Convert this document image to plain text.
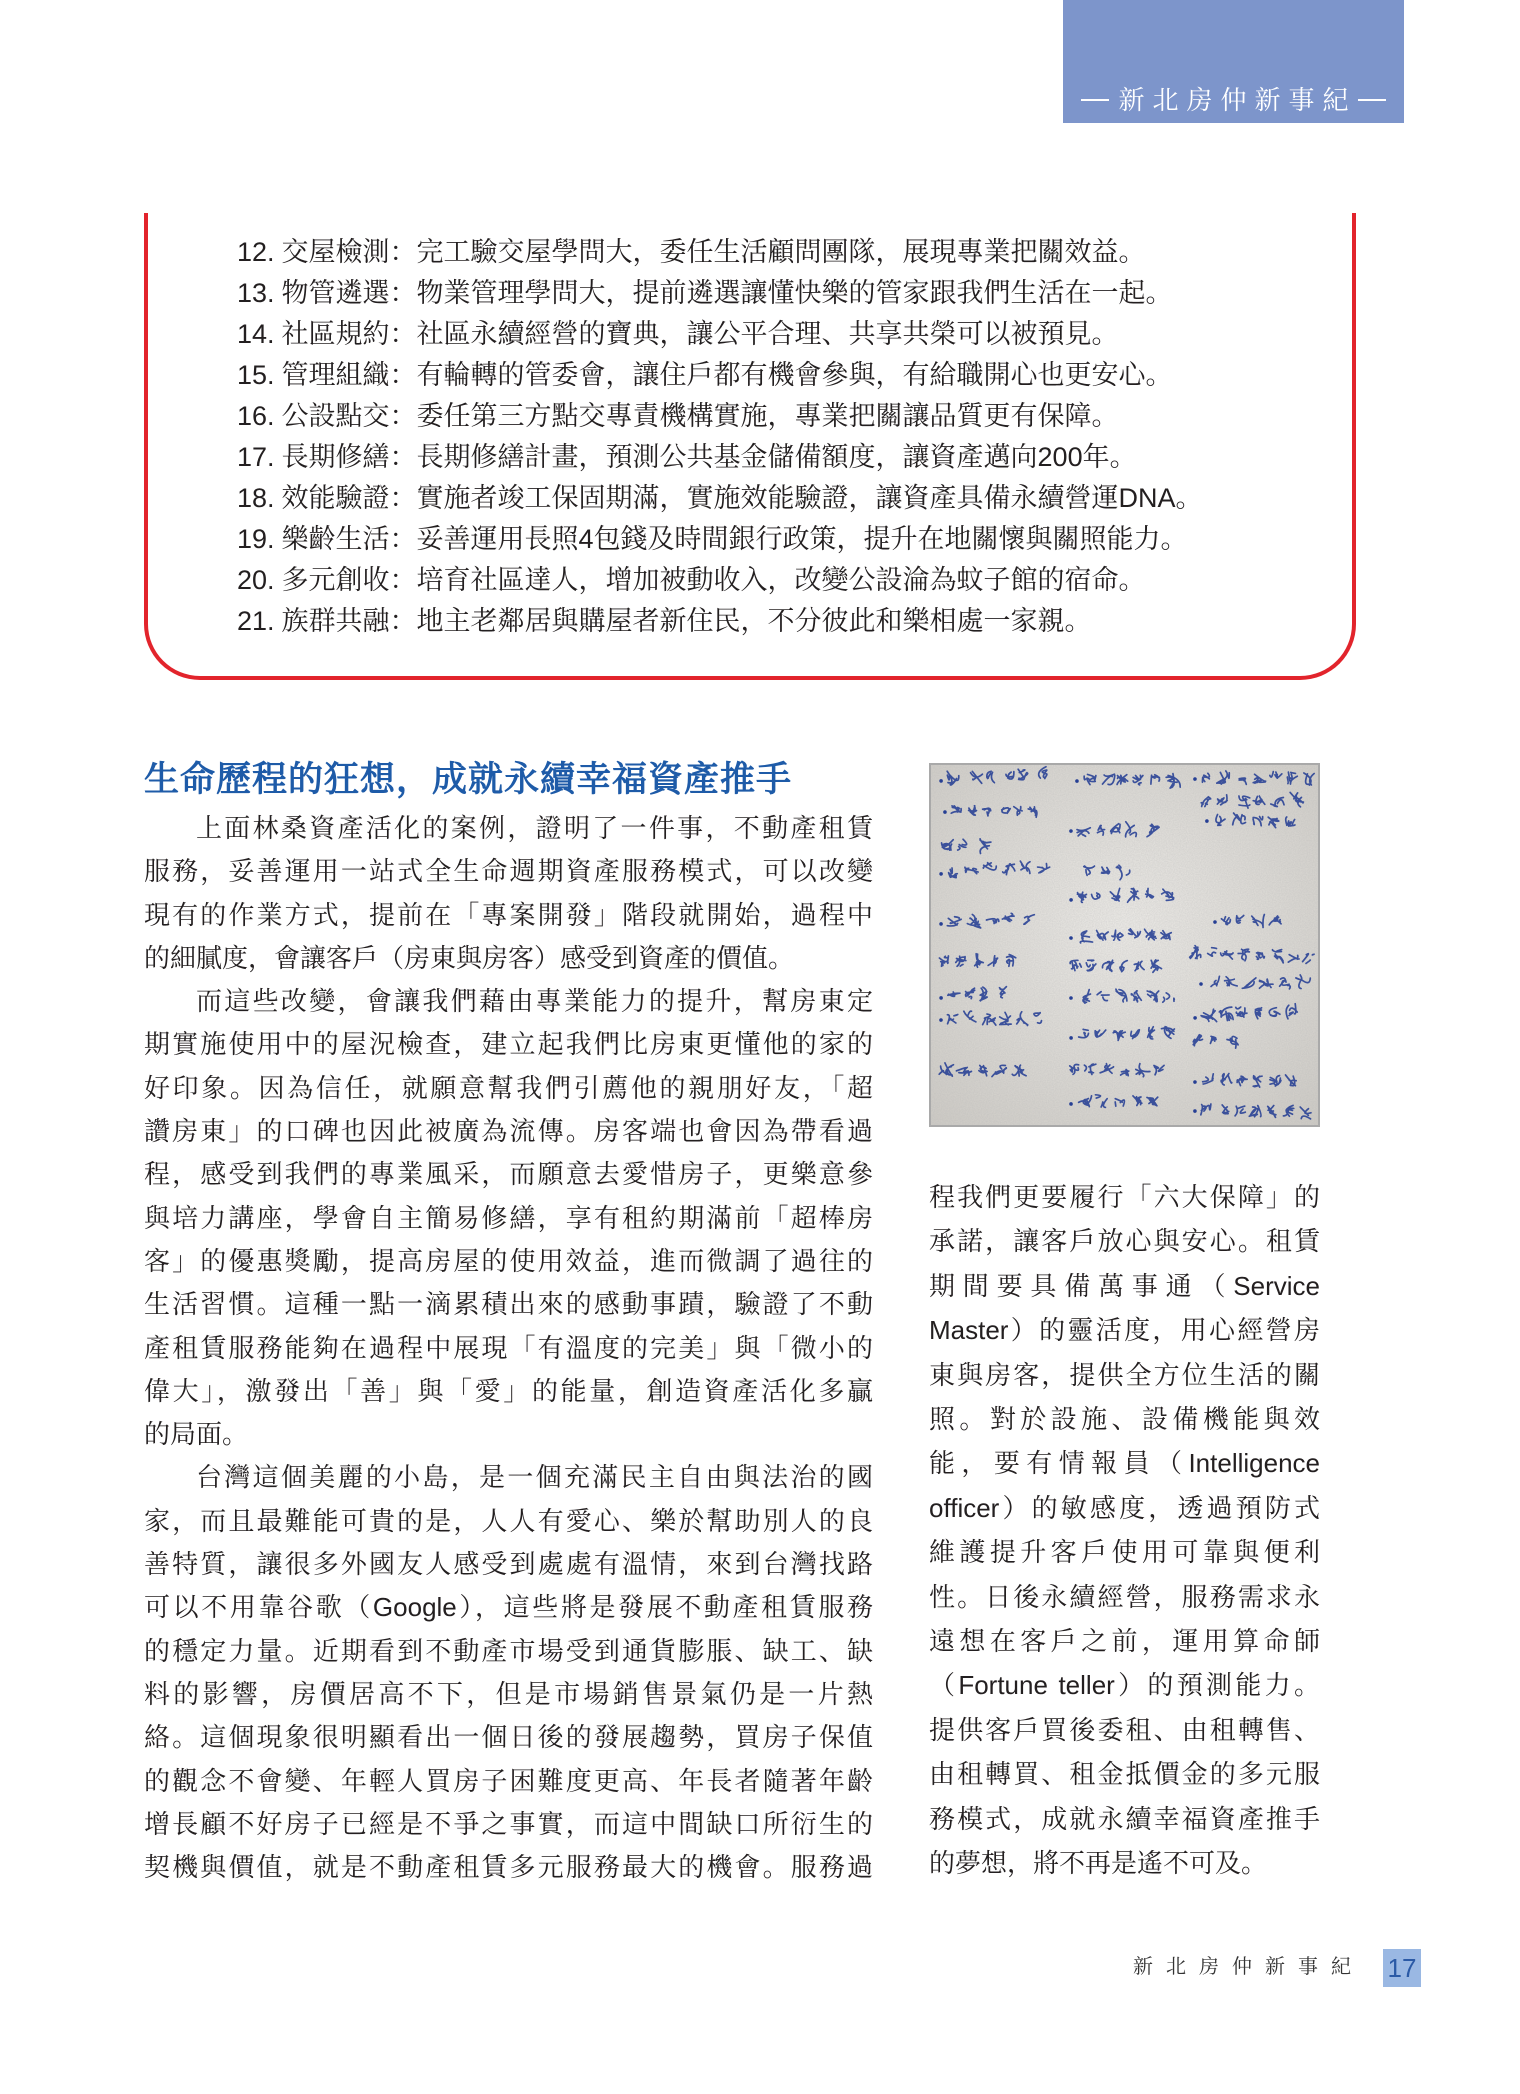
新北房仲新事紀
12. 交屋檢測：完工驗交屋學問大，委任生活顧問團隊，展現專業把關效益。
13. 物管遴選：物業管理學問大，提前遴選讓懂快樂的管家跟我們生活在一起。
14. 社區規約：社區永續經營的寶典，讓公平合理、共享共榮可以被預見。
15. 管理組織：有輪轉的管委會，讓住戶都有機會參與，有給職開心也更安心。
16. 公設點交：委任第三方點交專責機構實施，專業把關讓品質更有保障。
17. 長期修繕：長期修繕計畫，預測公共基金儲備額度，讓資產邁向200年。
18. 效能驗證：實施者竣工保固期滿，實施效能驗證，讓資產具備永續營運DNA。
19. 樂齡生活：妥善運用長照4包錢及時間銀行政策，提升在地關懷與關照能力。
20. 多元創收：培育社區達人，增加被動收入，改變公設淪為蚊子館的宿命。
21. 族群共融：地主老鄰居與購屋者新住民，不分彼此和樂相處一家親。
生命歷程的狂想，成就永續幸福資產推手
上面林桑資產活化的案例，證明了一件事，不動產租賃
服務，妥善運用一站式全生命週期資產服務模式，可以改變
現有的作業方式，提前在「專案開發」階段就開始，過程中
的細膩度，會讓客戶（房東與房客）感受到資產的價值。
而這些改變，會讓我們藉由專業能力的提升，幫房東定
期實施使用中的屋況檢查，建立起我們比房東更懂他的家的
好印象。因為信任，就願意幫我們引薦他的親朋好友，「超
讚房東」的口碑也因此被廣為流傳。房客端也會因為帶看過
程，感受到我們的專業風采，而願意去愛惜房子，更樂意參
與培力講座，學會自主簡易修繕，享有租約期滿前「超棒房
客」的優惠獎勵，提高房屋的使用效益，進而微調了過往的
生活習慣。這種一點一滴累積出來的感動事蹟，驗證了不動
產租賃服務能夠在過程中展現「有溫度的完美」與「微小的
偉大」，激發出「善」與「愛」的能量，創造資產活化多贏
的局面。
台灣這個美麗的小島，是一個充滿民主自由與法治的國
家，而且最難能可貴的是，人人有愛心、樂於幫助別人的良
善特質，讓很多外國友人感受到處處有溫情，來到台灣找路
可以不用靠谷歌（Google），這些將是發展不動產租賃服務
的穩定力量。近期看到不動產市場受到通貨膨脹、缺工、缺
料的影響，房價居高不下，但是市場銷售景氣仍是一片熱
絡。這個現象很明顯看出一個日後的發展趨勢，買房子保值
的觀念不會變、年輕人買房子困難度更高、年長者隨著年齡
增長顧不好房子已經是不爭之事實，而這中間缺口所衍生的
契機與價值，就是不動產租賃多元服務最大的機會。服務過
程我們更要履行「六大保障」的
承諾，讓客戶放心與安心。租賃
期間要具備萬事通（Service
Master）的靈活度，用心經營房
東與房客，提供全方位生活的關
照。對於設施、設備機能與效
能，要有情報員（Intelligence
officer）的敏感度，透過預防式
維護提升客戶使用可靠與便利
性。日後永續經營，服務需求永
遠想在客戶之前，運用算命師
（Fortune teller）的預測能力。
提供客戶買後委租、由租轉售、
由租轉買、租金抵價金的多元服
務模式，成就永續幸福資產推手
的夢想，將不再是遙不可及。
新北房仲新事紀 17
